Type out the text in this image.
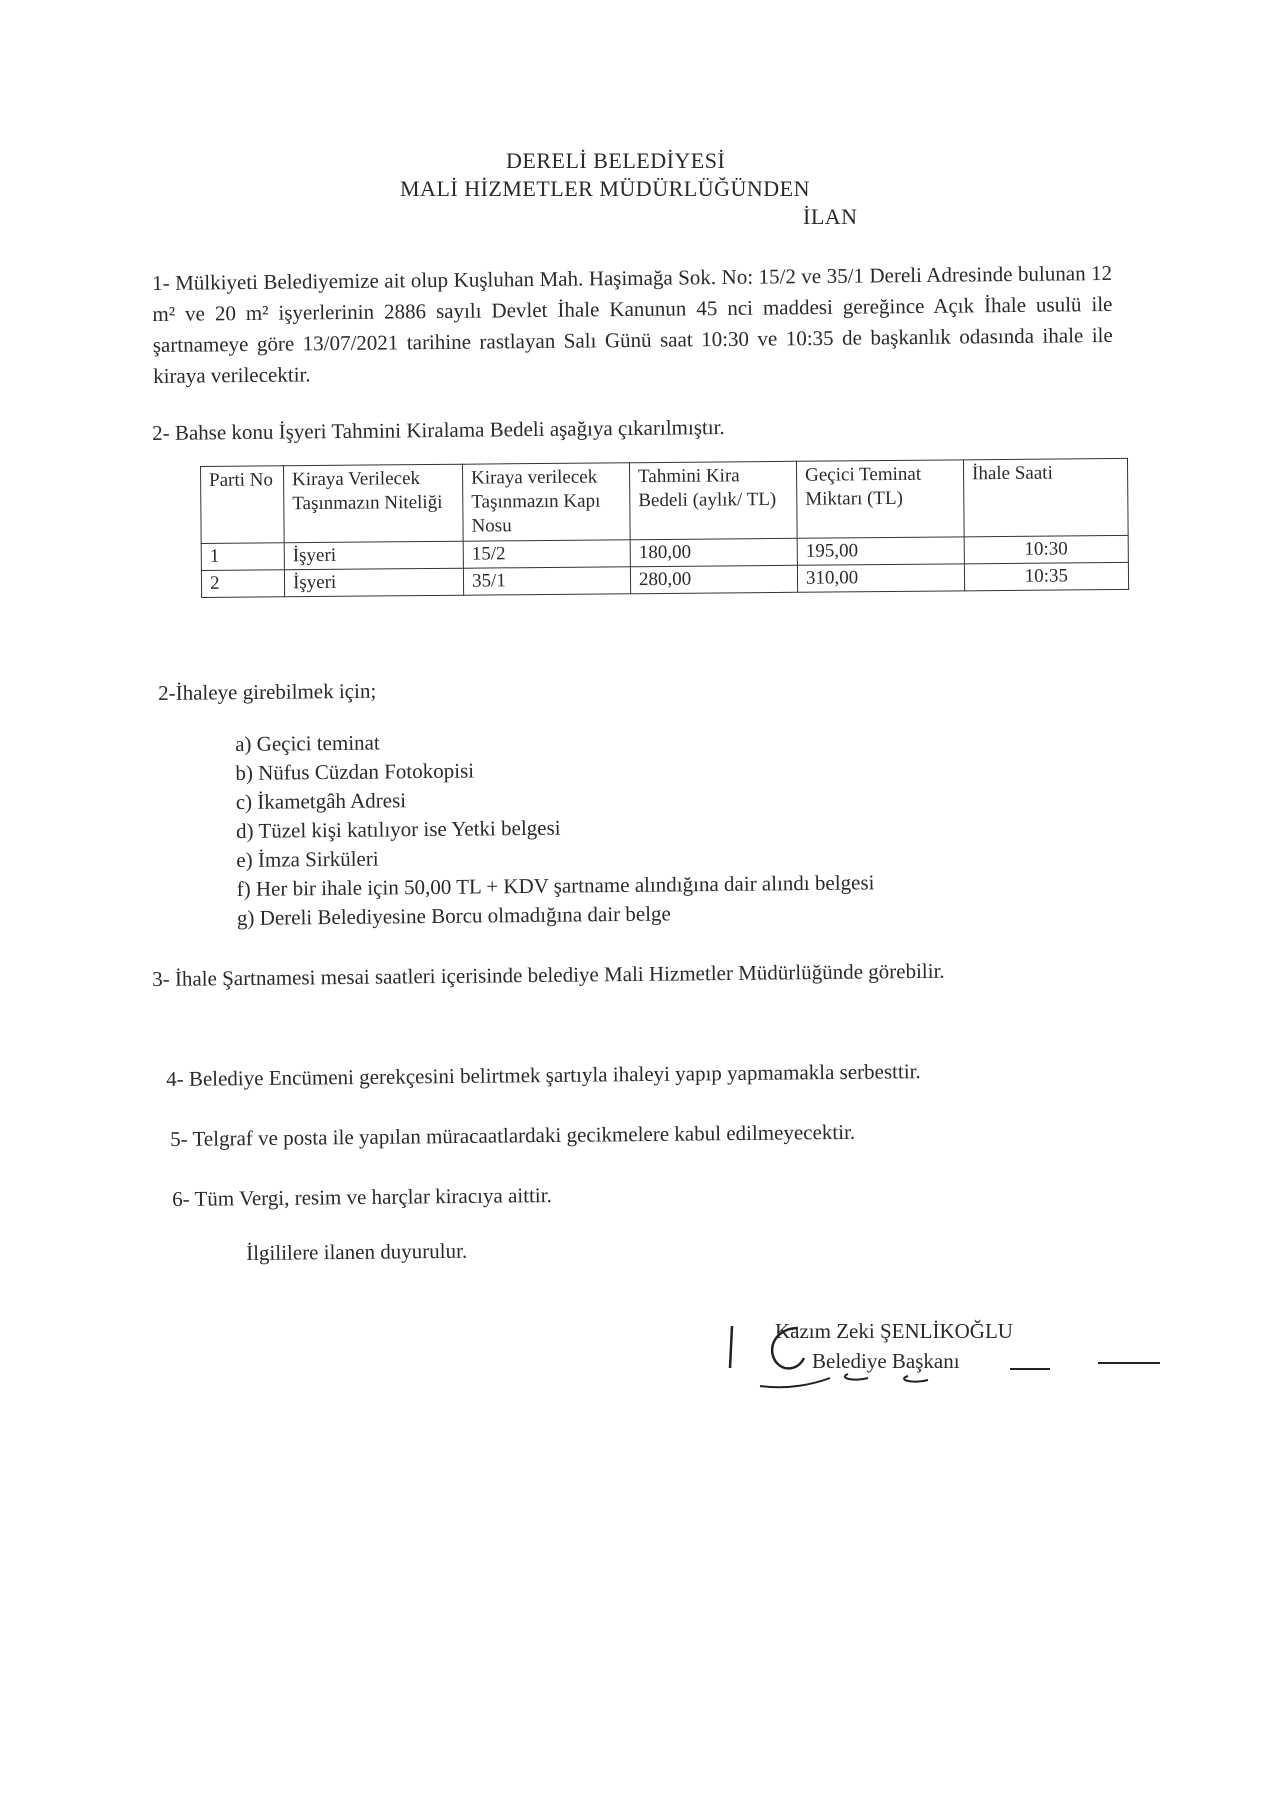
DERELİ BELEDİYESİ
MALİ HİZMETLER MÜDÜRLÜĞÜNDEN
İLAN
1- Mülkiyeti Belediyemize ait olup Kuşluhan Mah. Haşimağa Sok. No: 15/2 ve 35/1 Dereli Adresinde bulunan 12 m² ve 20 m² işyerlerinin 2886 sayılı Devlet İhale Kanunun 45 nci maddesi gereğince Açık İhale usulü ile şartnameye göre 13/07/2021 tarihine rastlayan Salı Günü saat 10:30 ve 10:35 de başkanlık odasında ihale ile kiraya verilecektir.
2- Bahse konu İşyeri Tahmini Kiralama Bedeli aşağıya çıkarılmıştır.
Parti No	Kiraya Verilecek Taşınmazın Niteliği	Kiraya verilecek Taşınmazın Kapı Nosu	Tahmini Kira Bedeli (aylık/ TL)	Geçici Teminat Miktarı (TL)	İhale Saati
1	İşyeri	15/2	180,00	195,00	10:30
2	İşyeri	35/1	280,00	310,00	10:35
2-İhaleye girebilmek için;
a) Geçici teminat
b) Nüfus Cüzdan Fotokopisi
c) İkametgâh Adresi
d) Tüzel kişi katılıyor ise Yetki belgesi
e) İmza Sirküleri
f) Her bir ihale için 50,00 TL + KDV şartname alındığına dair alındı belgesi
g) Dereli Belediyesine Borcu olmadığına dair belge
3- İhale Şartnamesi mesai saatleri içerisinde belediye Mali Hizmetler Müdürlüğünde görebilir.
4- Belediye Encümeni gerekçesini belirtmek şartıyla ihaleyi yapıp yapmamakla serbesttir.
5- Telgraf ve posta ile yapılan müracaatlardaki gecikmelere kabul edilmeyecektir.
6- Tüm Vergi, resim ve harçlar kiracıya aittir.
İlgililere ilanen duyurulur.
Kazım Zeki ŞENLİKOĞLU
Belediye Başkanı
